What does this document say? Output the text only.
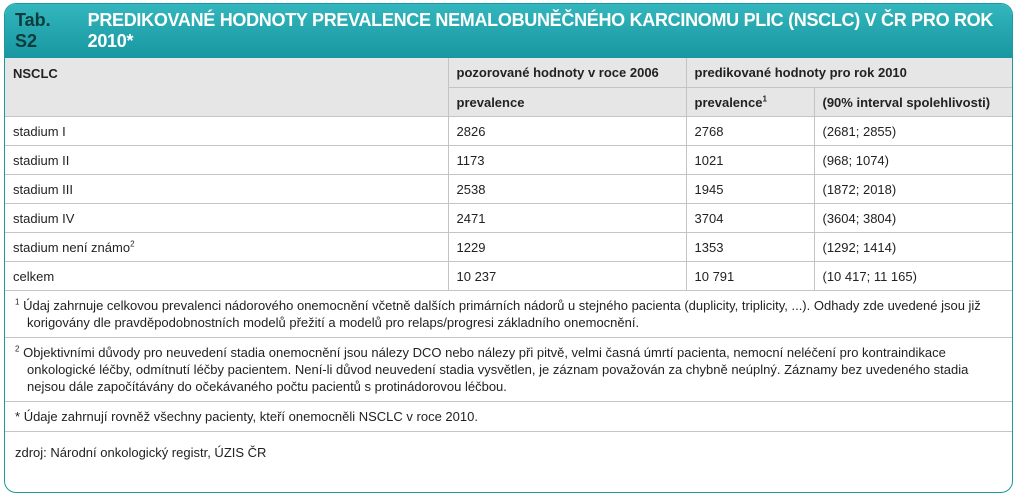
Tab. S2
PREDIKOVANÉ HODNOTY PREVALENCE NEMALOBUNĚČNÉHO KARCINOMU PLIC (NSCLC) V ČR PRO ROK 2010*
NSCLC	pozorované hodnoty v roce 2006	predikované hodnoty pro rok 2010	
	prevalence	prevalence$^1$	(90% interval spolehlivosti)
stadium I	2826	2768	(2681; 2855)
stadium II	1173	1021	(968; 1074)
stadium III	2538	1945	(1872; 2018)
stadium IV	2471	3704	(3604; 3804)
stadium není známo$^2$	1229	1353	(1292; 1414)
celkem	10 237	10 791	(10 417; 11 165)
$^1$ Údaj zahrnuje celkovou prevalenci nádorového onemocnění včetně dalších primárních nádorů u stejného pacienta (duplicity, triplicity, ...). Odhady zde uvedené jsou již korigovány dle pravděpodobnostních modelů přežití a modelů pro relaps/progresi základního onemocnění.
$^2$ Objektivními důvody pro neuvedení stadia onemocnění jsou nálezy DCO nebo nálezy při pitvě, velmi časná úmrtí pacienta, nemocní neléčení pro kontraindikace onkologické léčby, odmítnutí léčby pacientem. Není-li důvod neuvedení stadia vysvětlen, je záznam považován za chybně neúplný. Záznamy bez uvedeného stadia nejsou dále započítávány do očekávaného počtu pacientů s protinádorovou léčbou.
* Údaje zahrnují rovněž všechny pacienty, kteří onemocněli NSCLC v roce 2010.
zdroj: Národní onkologický registr, ÚZIS ČR
